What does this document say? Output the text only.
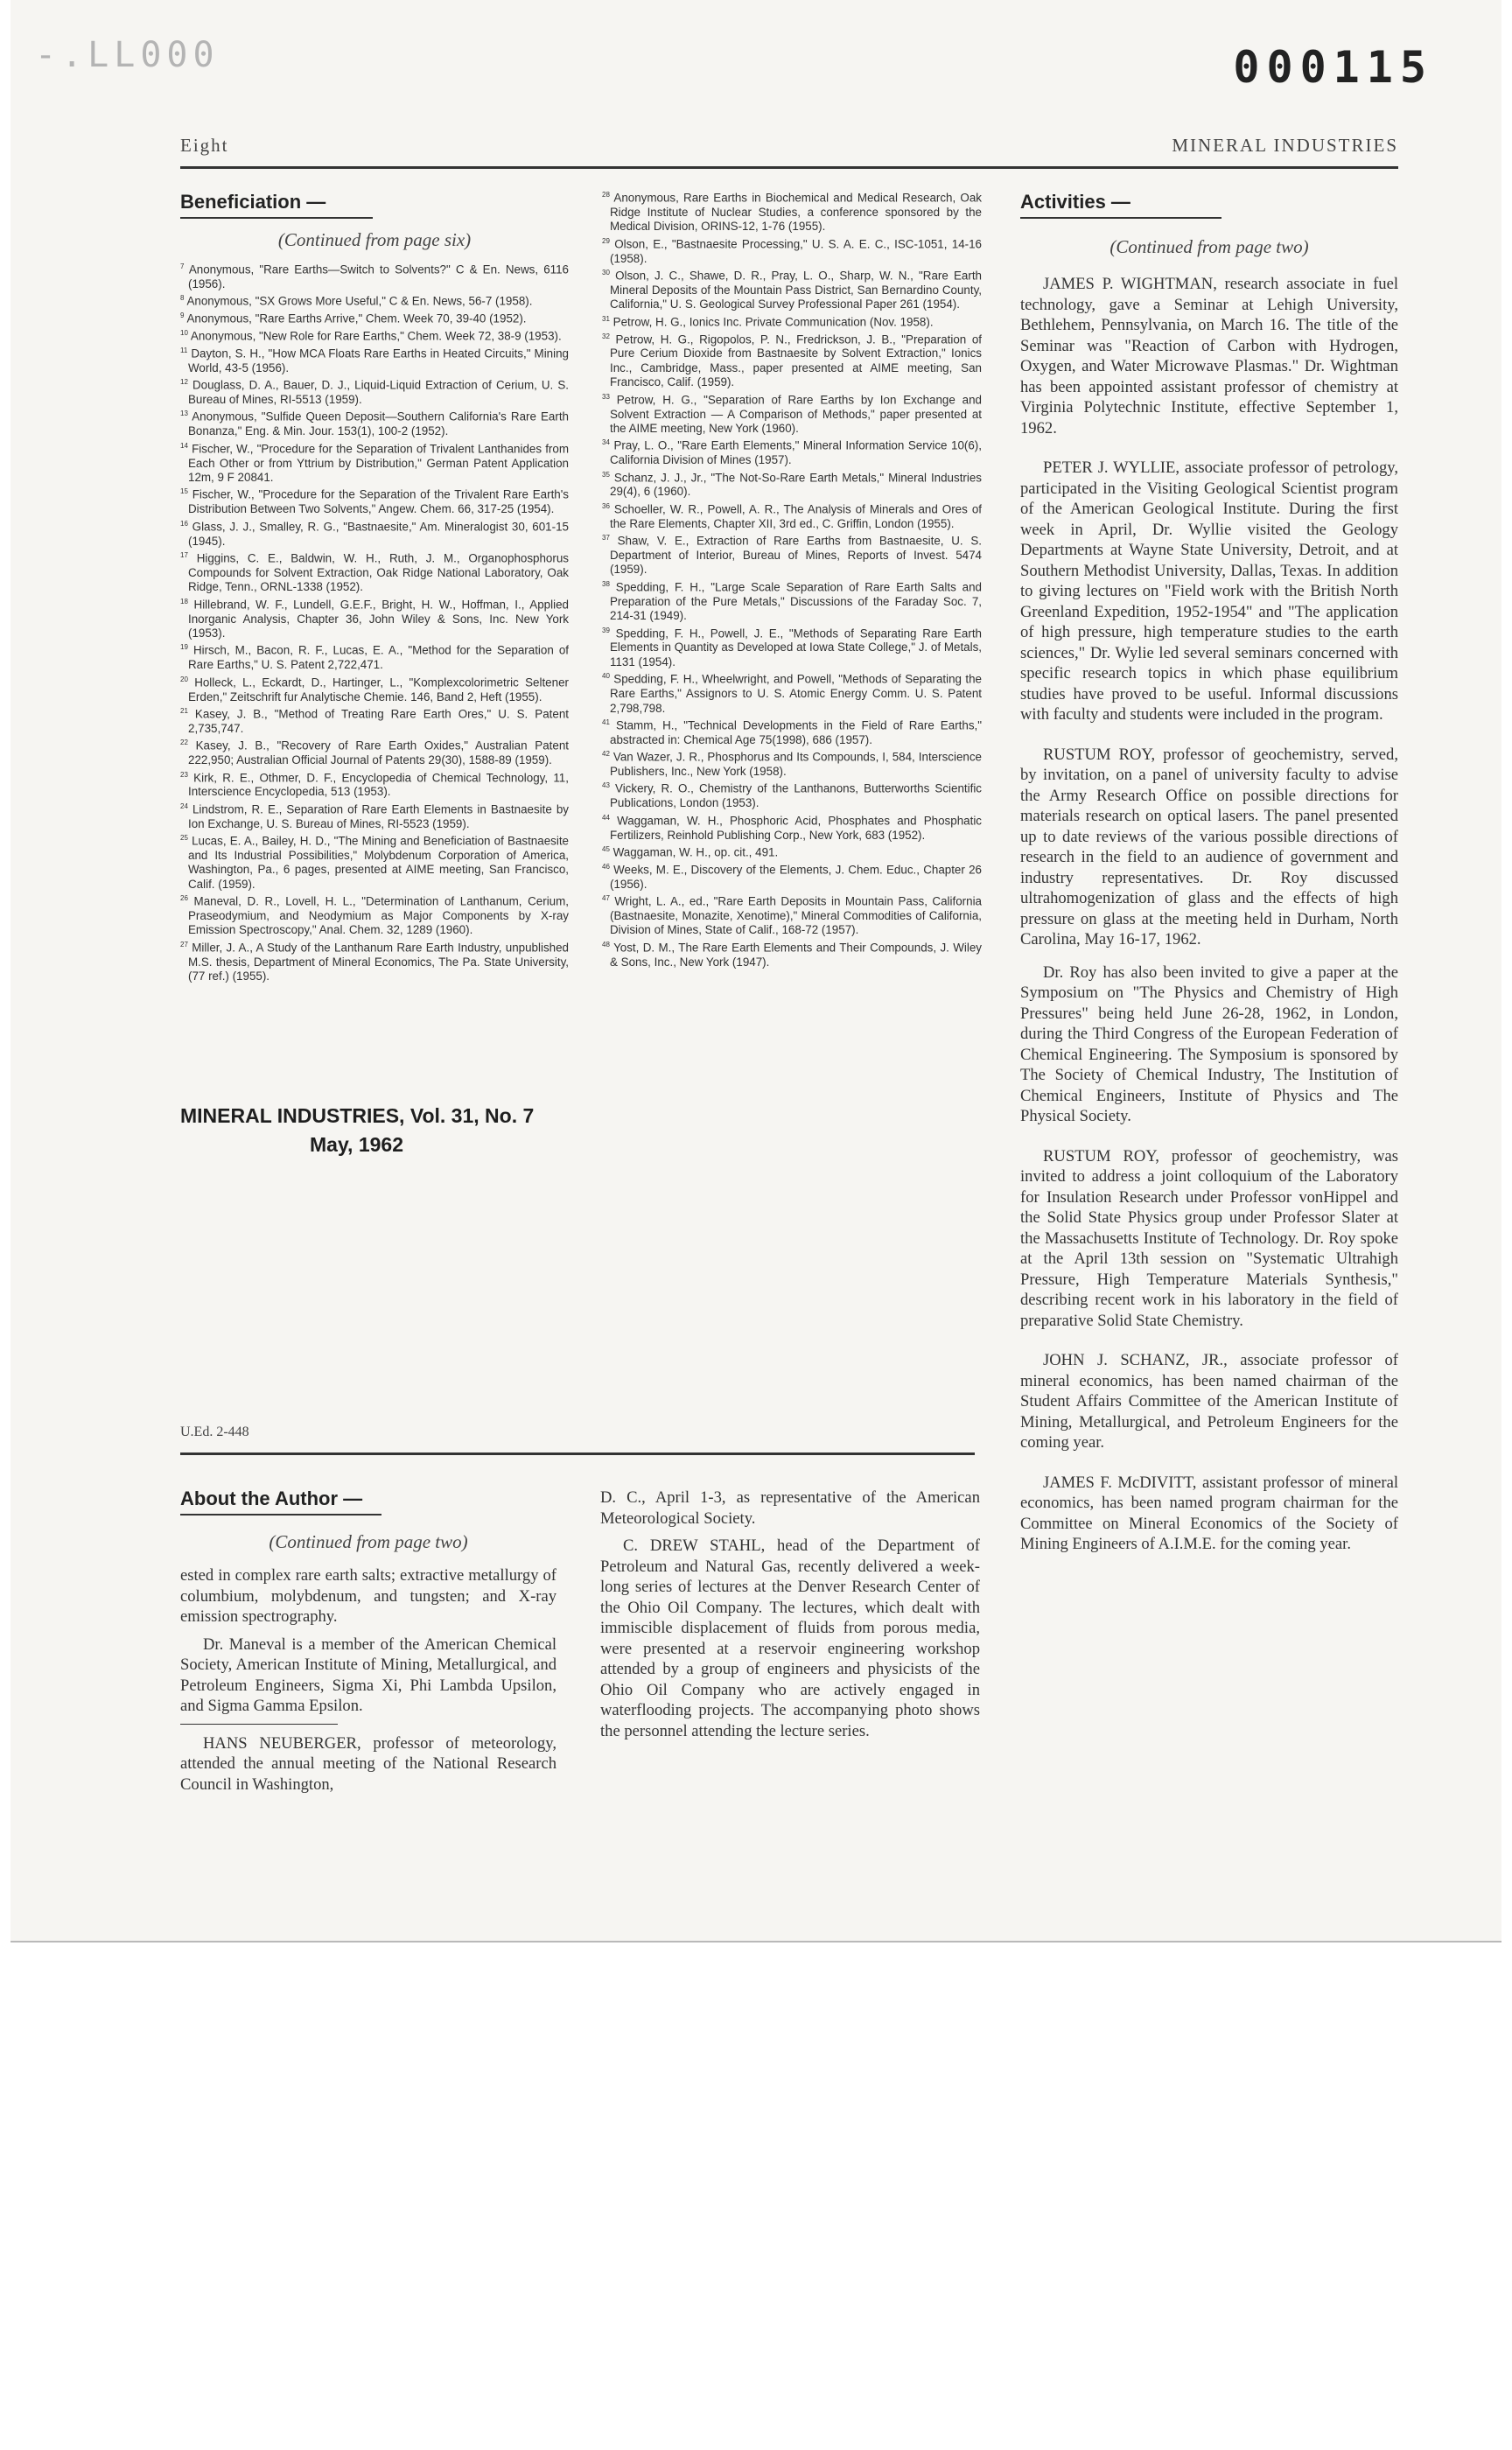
-.LL000	000115
Eight	MINERAL INDUSTRIES
Beneficiation —
(Continued from page six)

$^7$ Anonymous, "Rare Earths—Switch to Solvents?" C & En. News, 6116 (1956).

$^8$ Anonymous, "SX Grows More Useful," C & En. News, 56-7 (1958).

$^9$ Anonymous, "Rare Earths Arrive," Chem. Week 70, 39-40 (1952).

$^{10}$ Anonymous, "New Role for Rare Earths," Chem. Week 72, 38-9 (1953).

$^{11}$ Dayton, S. H., "How MCA Floats Rare Earths in Heated Circuits," Mining World, 43-5 (1956).

$^{12}$ Douglass, D. A., Bauer, D. J., Liquid-Liquid Extraction of Cerium, U. S. Bureau of Mines, RI-5513 (1959).

$^{13}$ Anonymous, "Sulfide Queen Deposit—Southern California's Rare Earth Bonanza," Eng. & Min. Jour. 153(1), 100-2 (1952).

$^{14}$ Fischer, W., "Procedure for the Separation of Trivalent Lanthanides from Each Other or from Yttrium by Distribution," German Patent Application 12m, 9 F 20841.

$^{15}$ Fischer, W., "Procedure for the Separation of the Trivalent Rare Earth's Distribution Between Two Solvents," Angew. Chem. 66, 317-25 (1954).

$^{16}$ Glass, J. J., Smalley, R. G., "Bastnaesite," Am. Mineralogist 30, 601-15 (1945).

$^{17}$ Higgins, C. E., Baldwin, W. H., Ruth, J. M., Organophosphorus Compounds for Solvent Extraction, Oak Ridge National Laboratory, Oak Ridge, Tenn., ORNL-1338 (1952).

$^{18}$ Hillebrand, W. F., Lundell, G.E.F., Bright, H. W., Hoffman, I., Applied Inorganic Analysis, Chapter 36, John Wiley & Sons, Inc. New York (1953).

$^{19}$ Hirsch, M., Bacon, R. F., Lucas, E. A., "Method for the Separation of Rare Earths," U. S. Patent 2,722,471.

$^{20}$ Holleck, L., Eckardt, D., Hartinger, L., "Komplexcolorimetric Seltener Erden," Zeitschrift fur Analytische Chemie. 146, Band 2, Heft (1955).

$^{21}$ Kasey, J. B., "Method of Treating Rare Earth Ores," U. S. Patent 2,735,747.

$^{22}$ Kasey, J. B., "Recovery of Rare Earth Oxides," Australian Patent 222,950; Australian Official Journal of Patents 29(30), 1588-89 (1959).

$^{23}$ Kirk, R. E., Othmer, D. F., Encyclopedia of Chemical Technology, 11, Interscience Encyclopedia, 513 (1953).

$^{24}$ Lindstrom, R. E., Separation of Rare Earth Elements in Bastnaesite by Ion Exchange, U. S. Bureau of Mines, RI-5523 (1959).

$^{25}$ Lucas, E. A., Bailey, H. D., "The Mining and Beneficiation of Bastnaesite and Its Industrial Possibilities," Molybdenum Corporation of America, Washington, Pa., 6 pages, presented at AIME meeting, San Francisco, Calif. (1959).

$^{26}$ Maneval, D. R., Lovell, H. L., "Determination of Lanthanum, Cerium, Praseodymium, and Neodymium as Major Components by X-ray Emission Spectroscopy," Anal. Chem. 32, 1289 (1960).

$^{27}$ Miller, J. A., A Study of the Lanthanum Rare Earth Industry, unpublished M.S. thesis, Department of Mineral Economics, The Pa. State University, (77 ref.) (1955).

$^{28}$ Anonymous, Rare Earths in Biochemical and Medical Research, Oak Ridge Institute of Nuclear Studies, a conference sponsored by the Medical Division, ORINS-12, 1-76 (1955).

$^{29}$ Olson, E., "Bastnaesite Processing," U. S. A. E. C., ISC-1051, 14-16 (1958).

$^{30}$ Olson, J. C., Shawe, D. R., Pray, L. O., Sharp, W. N., "Rare Earth Mineral Deposits of the Mountain Pass District, San Bernardino County, California," U. S. Geological Survey Professional Paper 261 (1954).

$^{31}$ Petrow, H. G., Ionics Inc. Private Communication (Nov. 1958).

$^{32}$ Petrow, H. G., Rigopolos, P. N., Fredrickson, J. B., "Preparation of Pure Cerium Dioxide from Bastnaesite by Solvent Extraction," Ionics Inc., Cambridge, Mass., paper presented at AIME meeting, San Francisco, Calif. (1959).

$^{33}$ Petrow, H. G., "Separation of Rare Earths by Ion Exchange and Solvent Extraction — A Comparison of Methods," paper presented at the AIME meeting, New York (1960).

$^{34}$ Pray, L. O., "Rare Earth Elements," Mineral Information Service 10(6), California Division of Mines (1957).

$^{35}$ Schanz, J. J., Jr., "The Not-So-Rare Earth Metals," Mineral Industries 29(4), 6 (1960).

$^{36}$ Schoeller, W. R., Powell, A. R., The Analysis of Minerals and Ores of the Rare Elements, Chapter XII, 3rd ed., C. Griffin, London (1955).

$^{37}$ Shaw, V. E., Extraction of Rare Earths from Bastnaesite, U. S. Department of Interior, Bureau of Mines, Reports of Invest. 5474 (1959).

$^{38}$ Spedding, F. H., "Large Scale Separation of Rare Earth Salts and Preparation of the Pure Metals," Discussions of the Faraday Soc. 7, 214-31 (1949).

$^{39}$ Spedding, F. H., Powell, J. E., "Methods of Separating Rare Earth Elements in Quantity as Developed at Iowa State College," J. of Metals, 1131 (1954).

$^{40}$ Spedding, F. H., Wheelwright, and Powell, "Methods of Separating the Rare Earths," Assignors to U. S. Atomic Energy Comm. U. S. Patent 2,798,798.

$^{41}$ Stamm, H., "Technical Developments in the Field of Rare Earths," abstracted in: Chemical Age 75(1998), 686 (1957).

$^{42}$ Van Wazer, J. R., Phosphorus and Its Compounds, I, 584, Interscience Publishers, Inc., New York (1958).

$^{43}$ Vickery, R. O., Chemistry of the Lanthanons, Butterworths Scientific Publications, London (1953).

$^{44}$ Waggaman, W. H., Phosphoric Acid, Phosphates and Phosphatic Fertilizers, Reinhold Publishing Corp., New York, 683 (1952).

$^{45}$ Waggaman, W. H., op. cit., 491.

$^{46}$ Weeks, M. E., Discovery of the Elements, J. Chem. Educ., Chapter 26 (1956).

$^{47}$ Wright, L. A., ed., "Rare Earth Deposits in Mountain Pass, California (Bastnaesite, Monazite, Xenotime)," Mineral Commodities of California, Division of Mines, State of Calif., 168-72 (1957).

$^{48}$ Yost, D. M., The Rare Earth Elements and Their Compounds, J. Wiley & Sons, Inc., New York (1947).

MINERAL INDUSTRIES, Vol. 31, No. 7
May, 1962
U.Ed. 2-448
About the Author —
(Continued from page two)

ested in complex rare earth salts; extractive metallurgy of columbium, molybdenum, and tungsten; and X-ray emission spectrography.

Dr. Maneval is a member of the American Chemical Society, American Institute of Mining, Metallurgical, and Petroleum Engineers, Sigma Xi, Phi Lambda Upsilon, and Sigma Gamma Epsilon.

HANS NEUBERGER, professor of meteorology, attended the annual meeting of the National Research Council in Washington,

D. C., April 1-3, as representative of the American Meteorological Society.

C. DREW STAHL, head of the Department of Petroleum and Natural Gas, recently delivered a week-long series of lectures at the Denver Research Center of the Ohio Oil Company. The lectures, which dealt with immiscible displacement of fluids from porous media, were presented at a reservoir engineering workshop attended by a group of engineers and physicists of the Ohio Oil Company who are actively engaged in waterflooding projects. The accompanying photo shows the personnel attending the lecture series.

Activities —
(Continued from page two)

JAMES P. WIGHTMAN, research associate in fuel technology, gave a Seminar at Lehigh University, Bethlehem, Pennsylvania, on March 16. The title of the Seminar was "Reaction of Carbon with Hydrogen, Oxygen, and Water Microwave Plasmas." Dr. Wightman has been appointed assistant professor of chemistry at Virginia Polytechnic Institute, effective September 1, 1962.

PETER J. WYLLIE, associate professor of petrology, participated in the Visiting Geological Scientist program of the American Geological Institute. During the first week in April, Dr. Wyllie visited the Geology Departments at Wayne State University, Detroit, and at Southern Methodist University, Dallas, Texas. In addition to giving lectures on "Field work with the British North Greenland Expedition, 1952-1954" and "The application of high pressure, high temperature studies to the earth sciences," Dr. Wylie led several seminars concerned with specific research topics in which phase equilibrium studies have proved to be useful. Informal discussions with faculty and students were included in the program.

RUSTUM ROY, professor of geochemistry, served, by invitation, on a panel of university faculty to advise the Army Research Office on possible directions for materials research on optical lasers. The panel presented up to date reviews of the various possible directions of research in the field to an audience of government and industry representatives. Dr. Roy discussed ultrahomogenization of glass and the effects of high pressure on glass at the meeting held in Durham, North Carolina, May 16-17, 1962.

Dr. Roy has also been invited to give a paper at the Symposium on "The Physics and Chemistry of High Pressures" being held June 26-28, 1962, in London, during the Third Congress of the European Federation of Chemical Engineering. The Symposium is sponsored by The Society of Chemical Industry, The Institution of Chemical Engineers, Institute of Physics and The Physical Society.

RUSTUM ROY, professor of geochemistry, was invited to address a joint colloquium of the Laboratory for Insulation Research under Professor vonHippel and the Solid State Physics group under Professor Slater at the Massachusetts Institute of Technology. Dr. Roy spoke at the April 13th session on "Systematic Ultrahigh Pressure, High Temperature Materials Synthesis," describing recent work in his laboratory in the field of preparative Solid State Chemistry.

JOHN J. SCHANZ, JR., associate professor of mineral economics, has been named chairman of the Student Affairs Committee of the American Institute of Mining, Metallurgical, and Petroleum Engineers for the coming year.

JAMES F. McDIVITT, assistant professor of mineral economics, has been named program chairman for the Committee on Mineral Economics of the Society of Mining Engineers of A.I.M.E. for the coming year.
